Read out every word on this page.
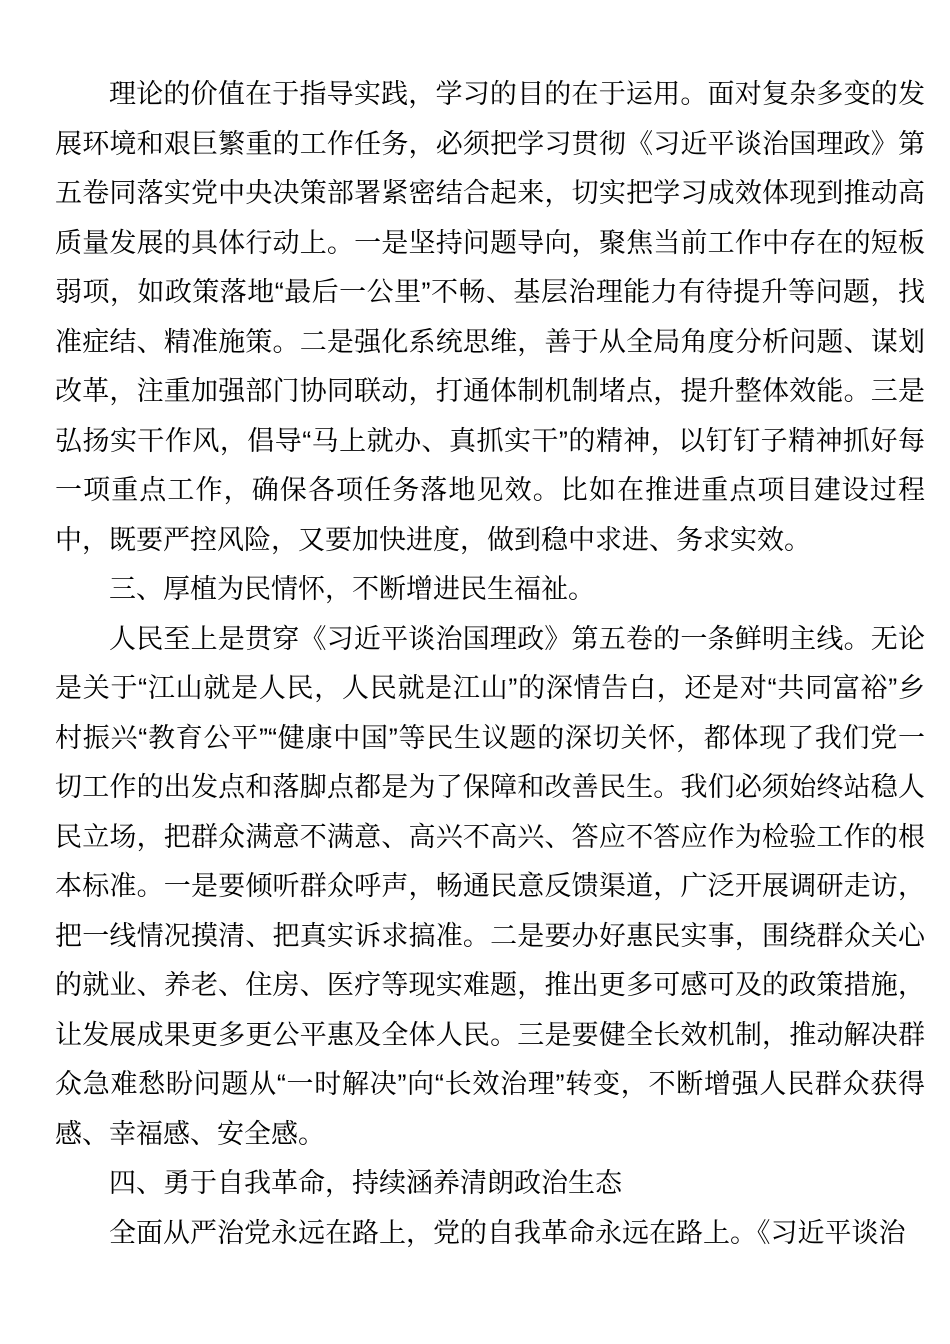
理论的价值在于指导实践，学习的目的在于运用。面对复杂多变的发展环境和艰巨繁重的工作任务，必须把学习贯彻《习近平谈治国理政》第五卷同落实党中央决策部署紧密结合起来，切实把学习成效体现到推动高质量发展的具体行动上。一是坚持问题导向，聚焦当前工作中存在的短板弱项，如政策落地“最后一公里”不畅、基层治理能力有待提升等问题，找准症结、精准施策。二是强化系统思维，善于从全局角度分析问题、谋划改革，注重加强部门协同联动，打通体制机制堵点，提升整体效能。三是弘扬实干作风，倡导“马上就办、真抓实干”的精神，以钉钉子精神抓好每一项重点工作，确保各项任务落地见效。比如在推进重点项目建设过程中，既要严控风险，又要加快进度，做到稳中求进、务求实效。

三、厚植为民情怀，不断增进民生福祉。

人民至上是贯穿《习近平谈治国理政》第五卷的一条鲜明主线。无论是关于“江山就是人民，人民就是江山”的深情告白，还是对“共同富裕”乡村振兴“教育公平”“健康中国”等民生议题的深切关怀，都体现了我们党一切工作的出发点和落脚点都是为了保障和改善民生。我们必须始终站稳人民立场，把群众满意不满意、高兴不高兴、答应不答应作为检验工作的根本标准。一是要倾听群众呼声，畅通民意反馈渠道，广泛开展调研走访，把一线情况摸清、把真实诉求搞准。二是要办好惠民实事，围绕群众关心的就业、养老、住房、医疗等现实难题，推出更多可感可及的政策措施，让发展成果更多更公平惠及全体人民。三是要健全长效机制，推动解决群众急难愁盼问题从“一时解决”向“长效治理”转变，不断增强人民群众获得感、幸福感、安全感。

四、勇于自我革命，持续涵养清朗政治生态

全面从严治党永远在路上，党的自我革命永远在路上。《习近平谈治
